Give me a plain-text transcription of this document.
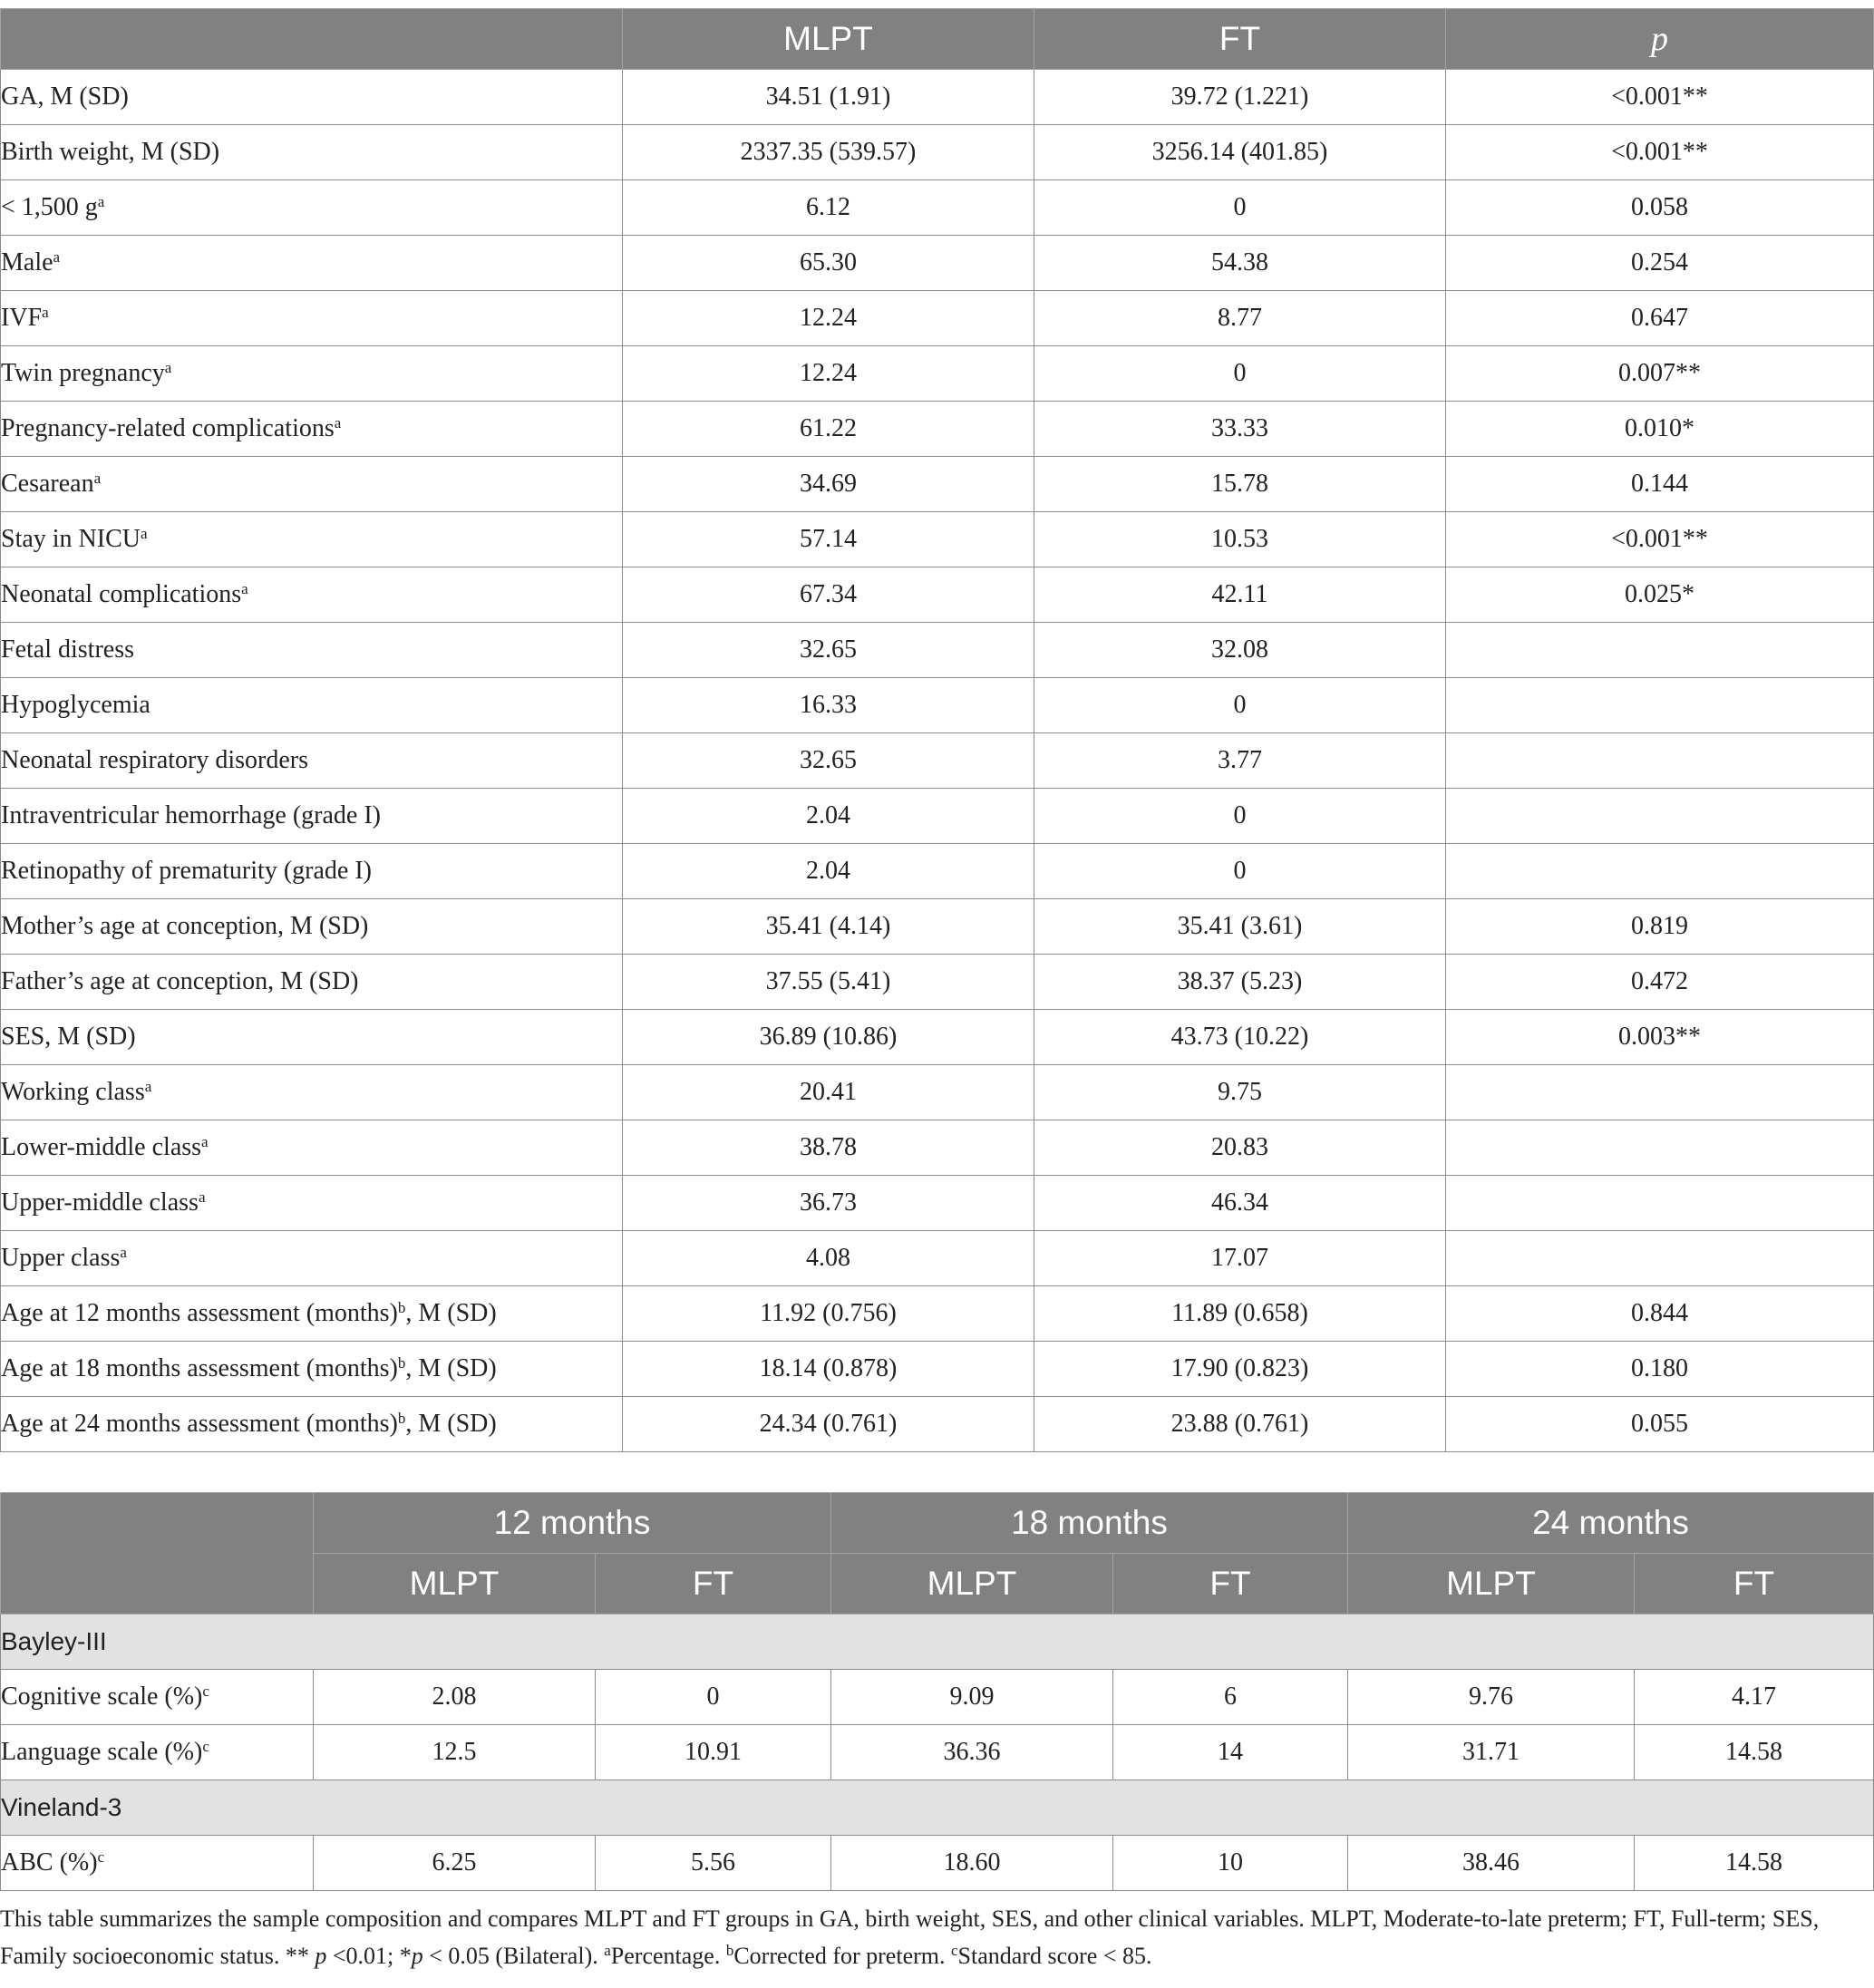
	MLPT	FT	p
GA, M (SD)	34.51 (1.91)	39.72 (1.221)	<0.001**
Birth weight, M (SD)	2337.35 (539.57)	3256.14 (401.85)	<0.001**
< 1,500 $g^a$	6.12	0	0.058
Male$^a$	65.30	54.38	0.254
IVF$^a$	12.24	8.77	0.647
Twin pregnancy$^a$	12.24	0	0.007**
Pregnancy-related complications$^a$	61.22	33.33	0.010*
Cesarean$^a$	34.69	15.78	0.144
Stay in NICU$^a$	57.14	10.53	<0.001**
Neonatal complications$^a$	67.34	42.11	0.025*
Fetal distress	32.65	32.08	
Hypoglycemia	16.33	0	
Neonatal respiratory disorders	32.65	3.77	
Intraventricular hemorrhage (grade I)	2.04	0	
Retinopathy of prematurity (grade I)	2.04	0	
Mother’s age at conception, M (SD)	35.41 (4.14)	35.41 (3.61)	0.819
Father’s age at conception, M (SD)	37.55 (5.41)	38.37 (5.23)	0.472
SES, M (SD)	36.89 (10.86)	43.73 (10.22)	0.003**
Working class$^a$	20.41	9.75	
Lower-middle class$^a$	38.78	20.83	
Upper-middle class$^a$	36.73	46.34	
Upper class$^a$	4.08	17.07	
Age at 12 months assessment (months)$^b$, M (SD)	11.92 (0.756)	11.89 (0.658)	0.844
Age at 18 months assessment (months)$^b$, M (SD)	18.14 (0.878)	17.90 (0.823)	0.180
Age at 24 months assessment (months)$^b$, M (SD)	24.34 (0.761)	23.88 (0.761)	0.055
	12 months		18 months		24 months	
	MLPT	FT	MLPT	FT	MLPT	FT
Bayley-III						
Cognitive scale (%)$^c$	2.08	0	9.09	6	9.76	4.17
Language scale (%)$^c$	12.5	10.91	36.36	14	31.71	14.58
Vineland-3						
ABC (%)$^c$	6.25	5.56	18.60	10	38.46	14.58
This table summarizes the sample composition and compares MLPT and FT groups in GA, birth weight, SES, and other clinical variables. MLPT, Moderate-to-late preterm; FT, Full-term; SES, Family socioeconomic status. ** p <0.01; *p < 0.05 (Bilateral). $^a$Percentage. $^b$Corrected for preterm. $^c$Standard score < 85.
